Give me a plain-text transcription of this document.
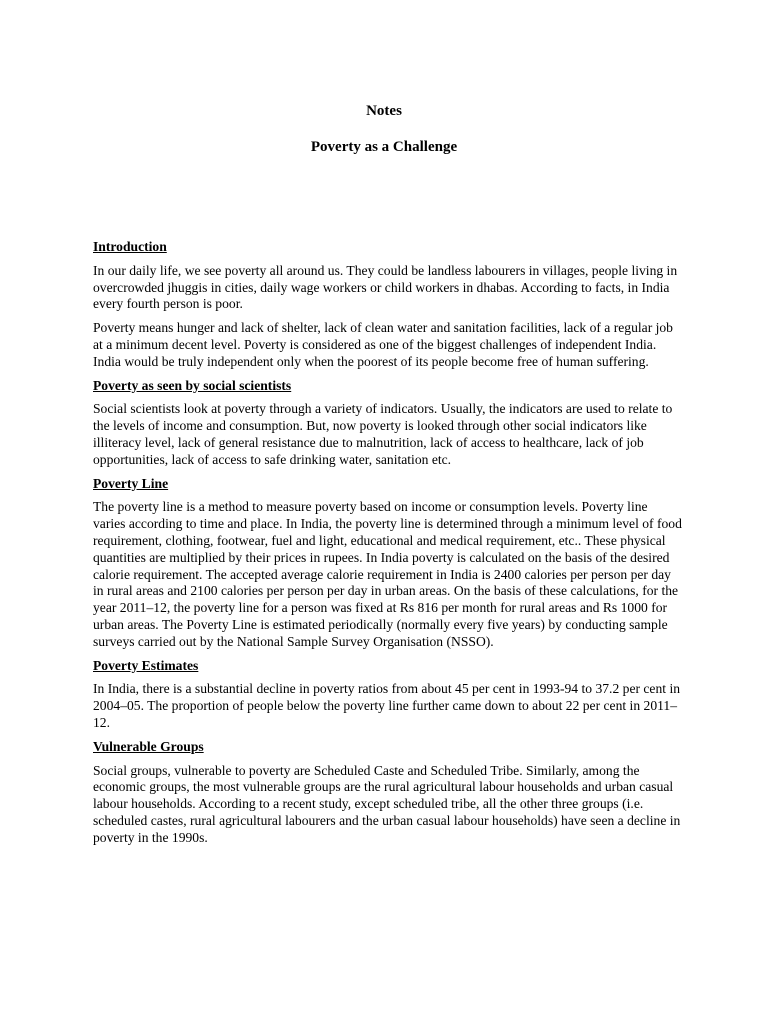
Notes
Poverty as a Challenge

Introduction

In our daily life, we see poverty all around us. They could be landless labourers in villages, people living in overcrowded jhuggis in cities, daily wage workers or child workers in dhabas. According to facts, in India every fourth person is poor.

Poverty means hunger and lack of shelter, lack of clean water and sanitation facilities, lack of a regular job at a minimum decent level. Poverty is considered as one of the biggest challenges of independent India. India would be truly independent only when the poorest of its people become free of human suffering.

Poverty as seen by social scientists

Social scientists look at poverty through a variety of indicators. Usually, the indicators are used to relate to the levels of income and consumption. But, now poverty is looked through other social indicators like illiteracy level, lack of general resistance due to malnutrition, lack of access to healthcare, lack of job opportunities, lack of access to safe drinking water, sanitation etc.

Poverty Line

The poverty line is a method to measure poverty based on income or consumption levels. Poverty line varies according to time and place. In India, the poverty line is determined through a minimum level of food requirement, clothing, footwear, fuel and light, educational and medical requirement, etc.. These physical quantities are multiplied by their prices in rupees. In India poverty is calculated on the basis of the desired calorie requirement. The accepted average calorie requirement in India is 2400 calories per person per day in rural areas and 2100 calories per person per day in urban areas. On the basis of these calculations, for the year 2011–12, the poverty line for a person was fixed at Rs 816 per month for rural areas and Rs 1000 for urban areas. The Poverty Line is estimated periodically (normally every five years) by conducting sample surveys carried out by the National Sample Survey Organisation (NSSO).

Poverty Estimates

In India, there is a substantial decline in poverty ratios from about 45 per cent in 1993-94 to 37.2 per cent in 2004–05. The proportion of people below the poverty line further came down to about 22 per cent in 2011–12.

Vulnerable Groups

Social groups, vulnerable to poverty are Scheduled Caste and Scheduled Tribe. Similarly, among the economic groups, the most vulnerable groups are the rural agricultural labour households and urban casual labour households. According to a recent study, except scheduled tribe, all the other three groups (i.e. scheduled castes, rural agricultural labourers and the urban casual labour households) have seen a decline in poverty in the 1990s.
